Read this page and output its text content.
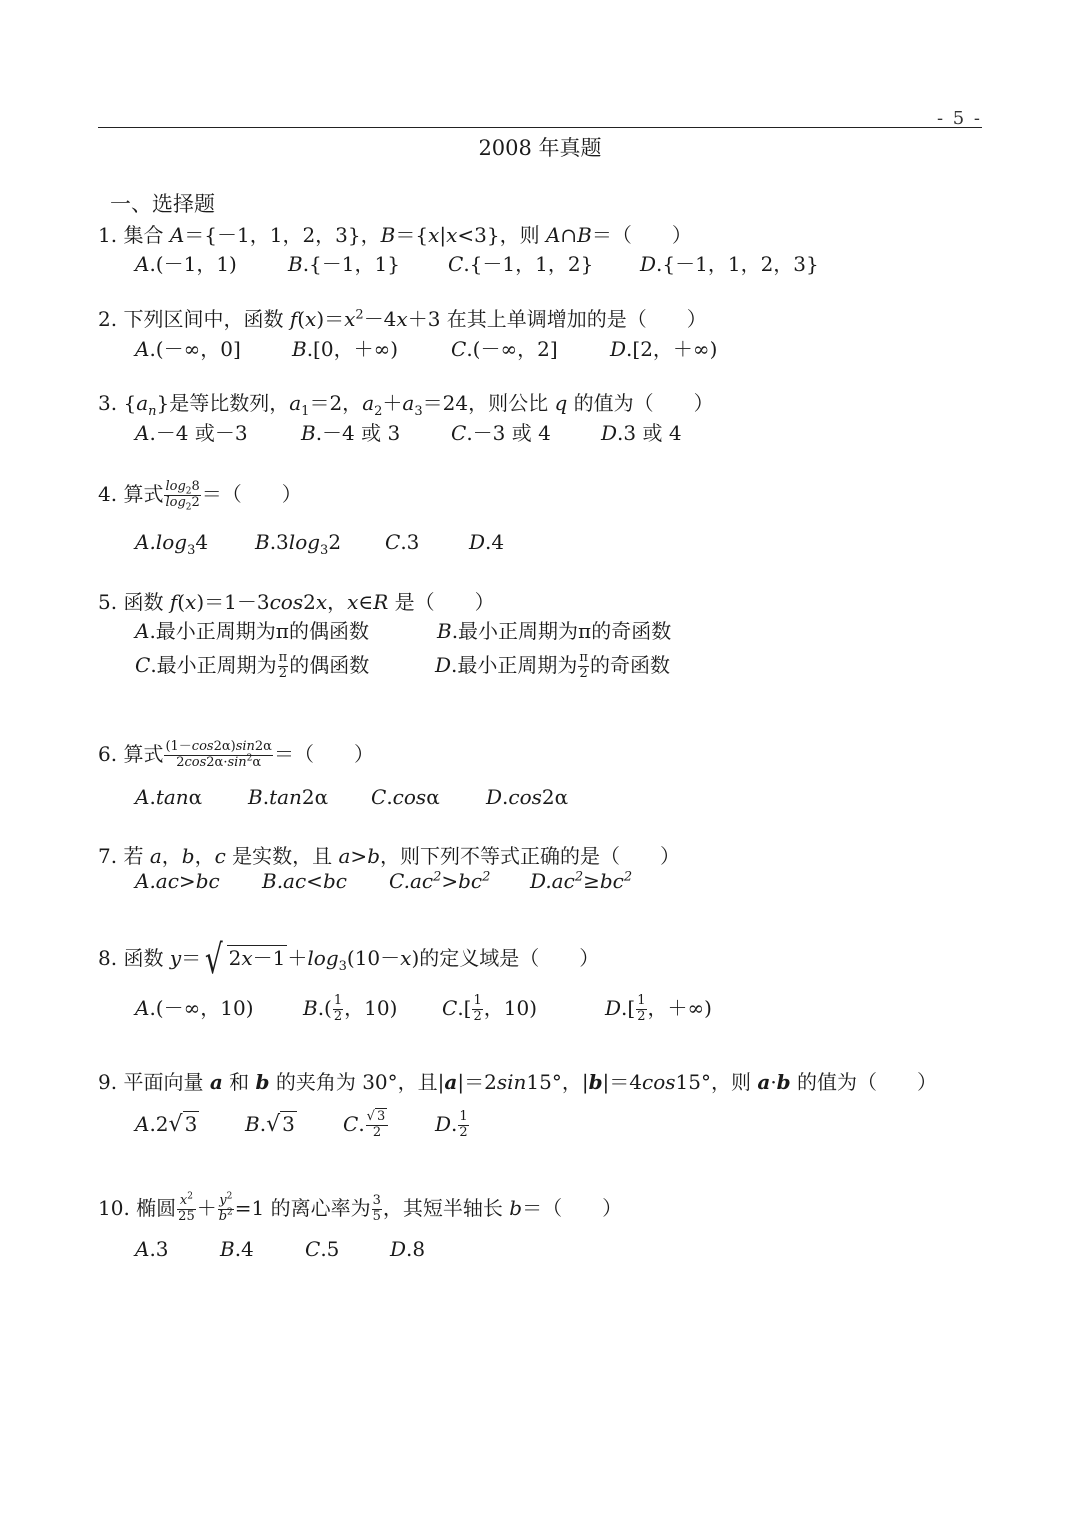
- 5 -
2008 年真题
一、选择题
1. 集合 A＝{－1，1，2，3}，B＝{x|x<3}，则 A∩B＝（　　）
A.(－1，1)	B.{－1，1} C.{－1，1，2} D.{－1，1，2，3}
2. 下列区间中，函数 $f(x)=x^2-4x+3$ 在其上单调增加的是（　　）
A.(－∞，0]	B.[0，＋∞)	C.(－∞，2]	D.[2，＋∞)
3. $\{a_n\}$是等比数列，$a_1=2$，$a_2+a_3=24$，则公比 q 的值为（　　）
A.－4 或－3	B.－4 或 3	C.－3 或 4	D.3 或 4
4. 算式 $\frac{\log_28}{\log_22}$ ＝（　　）
$A.\log_34$ $B.3\log_32$ C.3 D.4
5. 函数 f(x)＝1－3cos2x，x∈R 是（　　）
A.最小正周期为π的偶函数	B.最小正周期为π的奇函数
C.最小正周期为 $\frac{\pi}{2}$ 的偶函数	D.最小正周期为 $\frac{\pi}{2}$ 的奇函数
6. 算式 $\frac{(1-\cos 2\alpha)\sin 2\alpha}{2\cos 2\alpha\cdot\sin^2\alpha}$ ＝（　　）
A.tanα B.tan2α C.cosα D.cos2α
7. 若 a，b，c 是实数，且 a>b，则下列不等式正确的是（　　）
A.ac>bc B.ac<bc $C.ac^2>bc^2$ $D.ac^2\ge bc^2$
8. 函数 y＝√ $2x-1 +\log_3(10-x)$的定义域是（　　）
A.(－∞，10) $B.( \frac{1}{2}$ ，10) $C.[ \frac{1}{2}$ ，10)	$D.[ \frac{1}{2}$ ，＋∞)
9. 平面向量 a 和 b 的夹角为 30°，且|a|＝2sin15°，|b|＝4cos15°，则 a·b 的值为（　　）
A.2√ 3 B.√ 3 C. $\frac{√ 3}{2} D$. $\frac{1}{2}$
10. 椭圆 $\frac{x^2}{25} + \frac{y^2}{b^2} =1$ 的离心率为 $\frac{3}{5}$ ，其短半轴长 b＝（　　）
A.3	B.4	C.5	D.8
